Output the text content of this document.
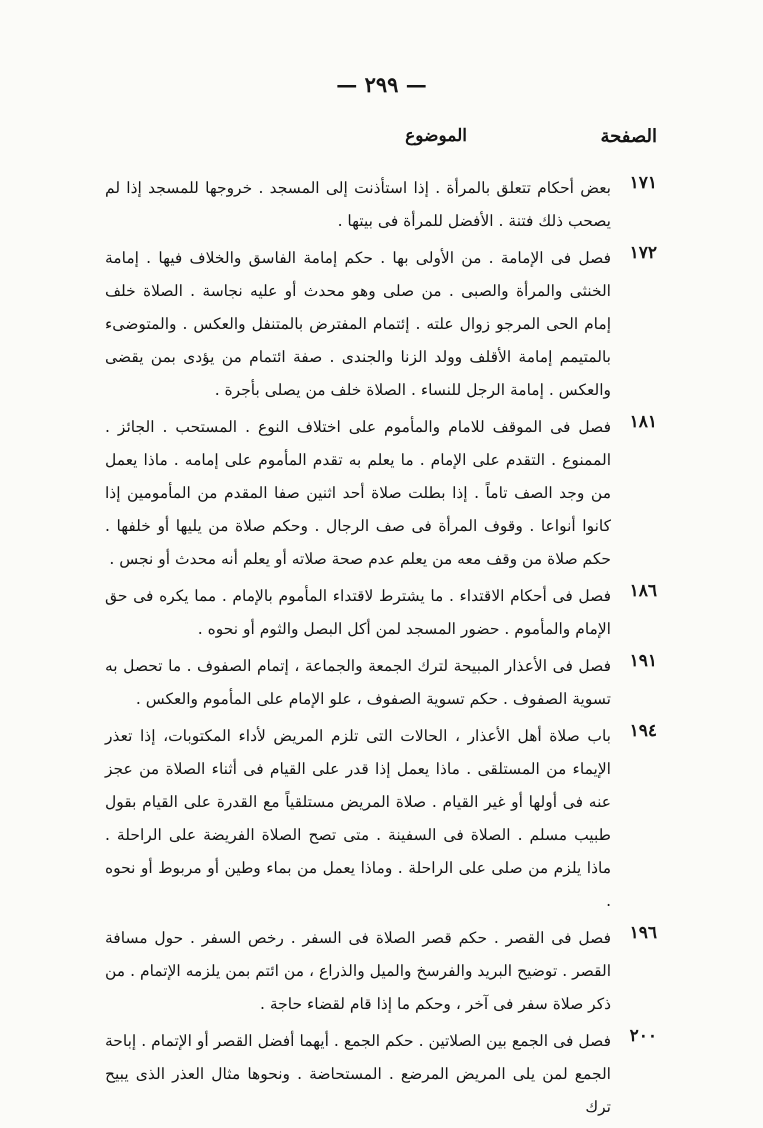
— ٢٩٩ —
الصفحة
الموضوع
١٧١
بعض أحكام تتعلق بالمرأة . إذا استأذنت إلى المسجد . خروجها للمسجد إذا لم يصحب ذلك فتنة . الأفضل للمرأة فى بيتها .
١٧٢
فصل فى الإمامة . من الأولى بها . حكم إمامة الفاسق والخلاف فيها . إمامة الخنثى والمرأة والصبى . من صلى وهو محدث أو عليه نجاسة . الصلاة خلف إمام الحى المرجو زوال علته . إئتمام المفترض بالمتنفل والعكس . والمتوضىء بالمتيمم إمامة الأقلف وولد الزنا والجندى . صفة ائتمام من يؤدى بمن يقضى والعكس . إمامة الرجل للنساء . الصلاة خلف من يصلى بأجرة .
١٨١
فصل فى الموقف للامام والمأموم على اختلاف النوع . المستحب . الجائز . الممنوع . التقدم على الإمام . ما يعلم به تقدم المأموم على إمامه . ماذا يعمل من وجد الصف تاماً . إذا بطلت صلاة أحد اثنين صفا المقدم من المأمومين إذا كانوا أنواعا . وقوف المرأة فى صف الرجال . وحكم صلاة من يليها أو خلفها . حكم صلاة من وقف معه من يعلم عدم صحة صلاته أو يعلم أنه محدث أو نجس .
١٨٦
فصل فى أحكام الاقتداء . ما يشترط لاقتداء المأموم بالإمام . مما يكره فى حق الإمام والمأموم . حضور المسجد لمن أكل البصل والثوم أو نحوه .
١٩١
فصل فى الأعذار المبيحة لترك الجمعة والجماعة ، إتمام الصفوف . ما تحصل به تسوية الصفوف . حكم تسوية الصفوف ، علو الإمام على المأموم والعكس .
١٩٤
باب صلاة أهل الأعذار ، الحالات التى تلزم المريض لأداء المكتوبات، إذا تعذر الإيماء من المستلقى . ماذا يعمل إذا قدر على القيام فى أثناء الصلاة من عجز عنه فى أولها أو غير القيام . صلاة المريض مستلقياً مع القدرة على القيام بقول طبيب مسلم . الصلاة فى السفينة . متى تصح الصلاة الفريضة على الراحلة . ماذا يلزم من صلى على الراحلة . وماذا يعمل من بماء وطين أو مربوط أو نحوه .
١٩٦
فصل فى القصر . حكم قصر الصلاة فى السفر . رخص السفر . حول مسافة القصر . توضيح البريد والفرسخ والميل والذراع ، من ائتم بمن يلزمه الإتمام . من ذكر صلاة سفر فى آخر ، وحكم ما إذا قام لقضاء حاجة .
٢٠٠
فصل فى الجمع بين الصلاتين . حكم الجمع . أيهما أفضل القصر أو الإتمام . إباحة الجمع لمن يلى المريض المرضع . المستحاضة . ونحوها مثال العذر الذى يبيح ترك
